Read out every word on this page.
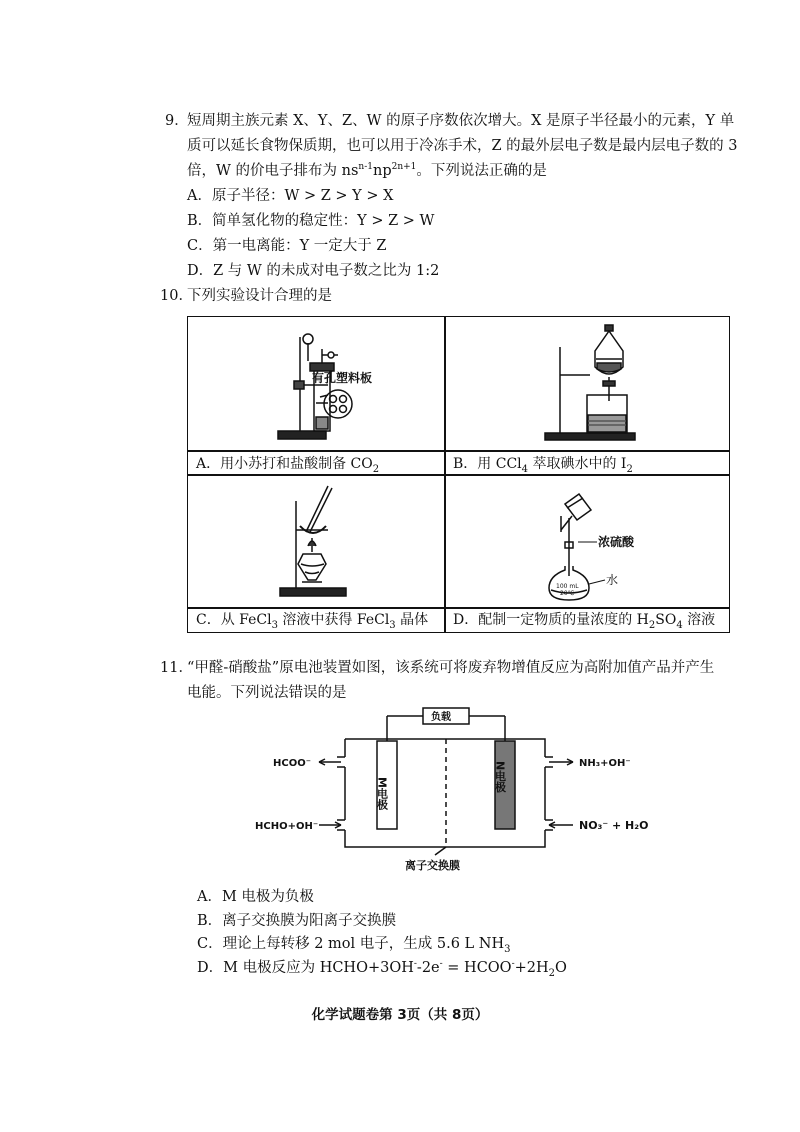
9．
短周期主族元素 X、Y、Z、W 的原子序数依次增大。X 是原子半径最小的元素，Y 单
质可以延长食物保质期，也可以用于冷冻手术，Z 的最外层电子数是最内层电子数的 3
倍，W 的价电子排布为 $ns^{n-1}np^{2n+1}$。下列说法正确的是
A．原子半径：W > Z > Y > X
B．简单氢化物的稳定性：Y > Z > W
C．第一电离能：Y 一定大于 Z
D．Z 与 W 的未成对电子数之比为 1:2
10．
下列实验设计合理的是
有孔塑料板
A．用小苏打和盐酸制备 $CO_2$	B．用 CCl$_4$ 萃取碘水中的 $I_2$
C．从 FeCl$_3$ 溶液中获得 FeCl$_3$ 晶体
浓硫酸
100 mL
20℃
水
D．配制一定物质的量浓度的 $H_2SO_4$ 溶液
11．
“甲醛-硝酸盐”原电池装置如图，该系统可将废弃物增值反应为高附加值产品并产生
电能。下列说法错误的是
负载
M电极
N电极
HCOO⁻
HCHO+OH⁻
NH₃+OH⁻
NO₃⁻ + H₂O
离子交换膜
A．M 电极为负极
B．离子交换膜为阳离子交换膜
C．理论上每转移 2 mol 电子，生成 5.6 L $NH_3$
D．M 电极反应为 HCHO+3OH--2e- = $HCOO^-+2H_2O$
化学试题卷第 3页（共 8页）
